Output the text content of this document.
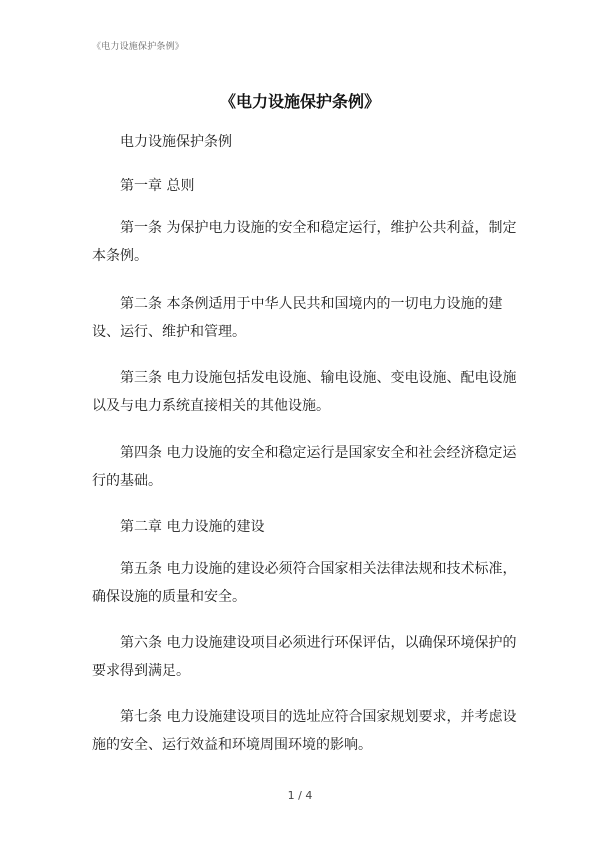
《电力设施保护条例》
《电力设施保护条例》

电力设施保护条例

第一章 总则

第一条 为保护电力设施的安全和稳定运行，维护公共利益，制定本条例。

第二条 本条例适用于中华人民共和国境内的一切电力设施的建设、运行、维护和管理。

第三条 电力设施包括发电设施、输电设施、变电设施、配电设施以及与电力系统直接相关的其他设施。

第四条 电力设施的安全和稳定运行是国家安全和社会经济稳定运行的基础。

第二章 电力设施的建设

第五条 电力设施的建设必须符合国家相关法律法规和技术标准，确保设施的质量和安全。

第六条 电力设施建设项目必须进行环保评估，以确保环境保护的要求得到满足。

第七条 电力设施建设项目的选址应符合国家规划要求，并考虑设施的安全、运行效益和环境周围环境的影响。

1 / 4
